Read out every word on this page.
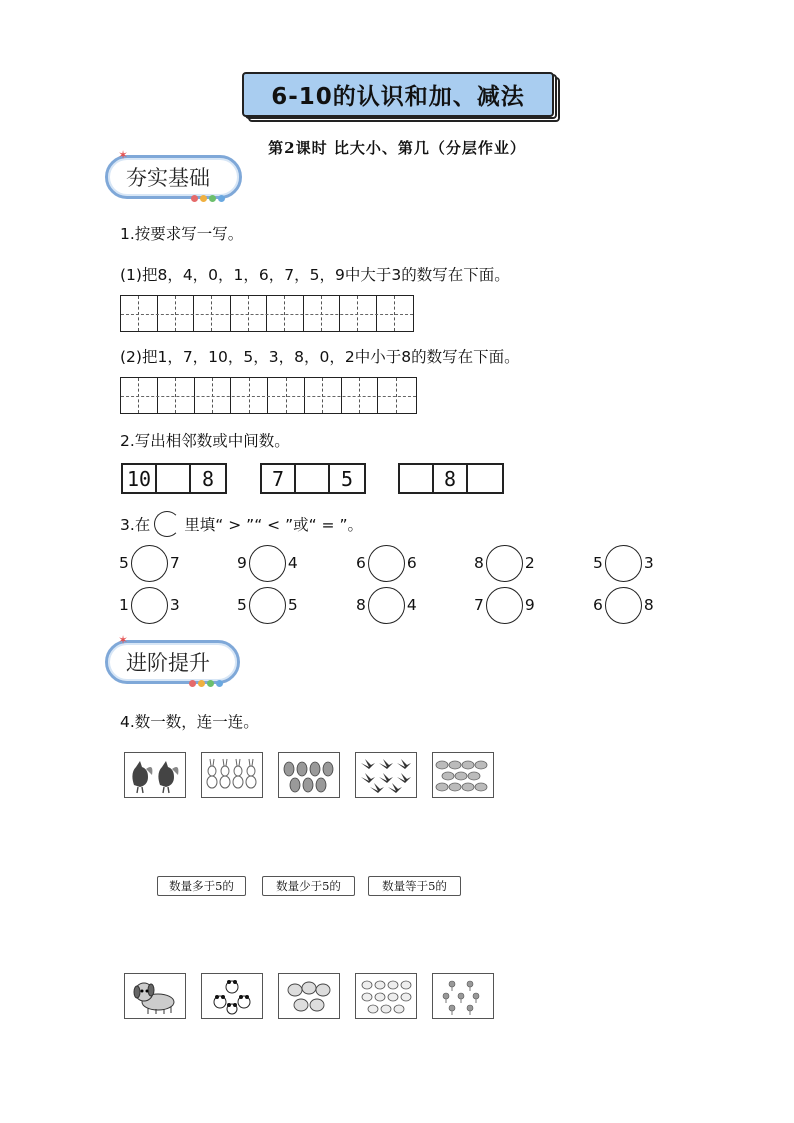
6-10的认识和加、减法
第2课时 比大小、第几（分层作业）
✶
夯实基础
1.按要求写一写。
(1)把8，4，0，1，6，7，5，9中大于3的数写在下面。
(2)把1，7，10，5，3，8，0，2中小于8的数写在下面。
2.写出相邻数或中间数。
10	8	7	5	8
3.在 里填“ > ”“ < ”或“ = ”。
5	7	9	4	6	6	8	2	5	3
1	3	5	5	8	4	7	9	6	8
✶
进阶提升
4.数一数，连一连。
数量多于5的	数量少于5的	数量等于5的
